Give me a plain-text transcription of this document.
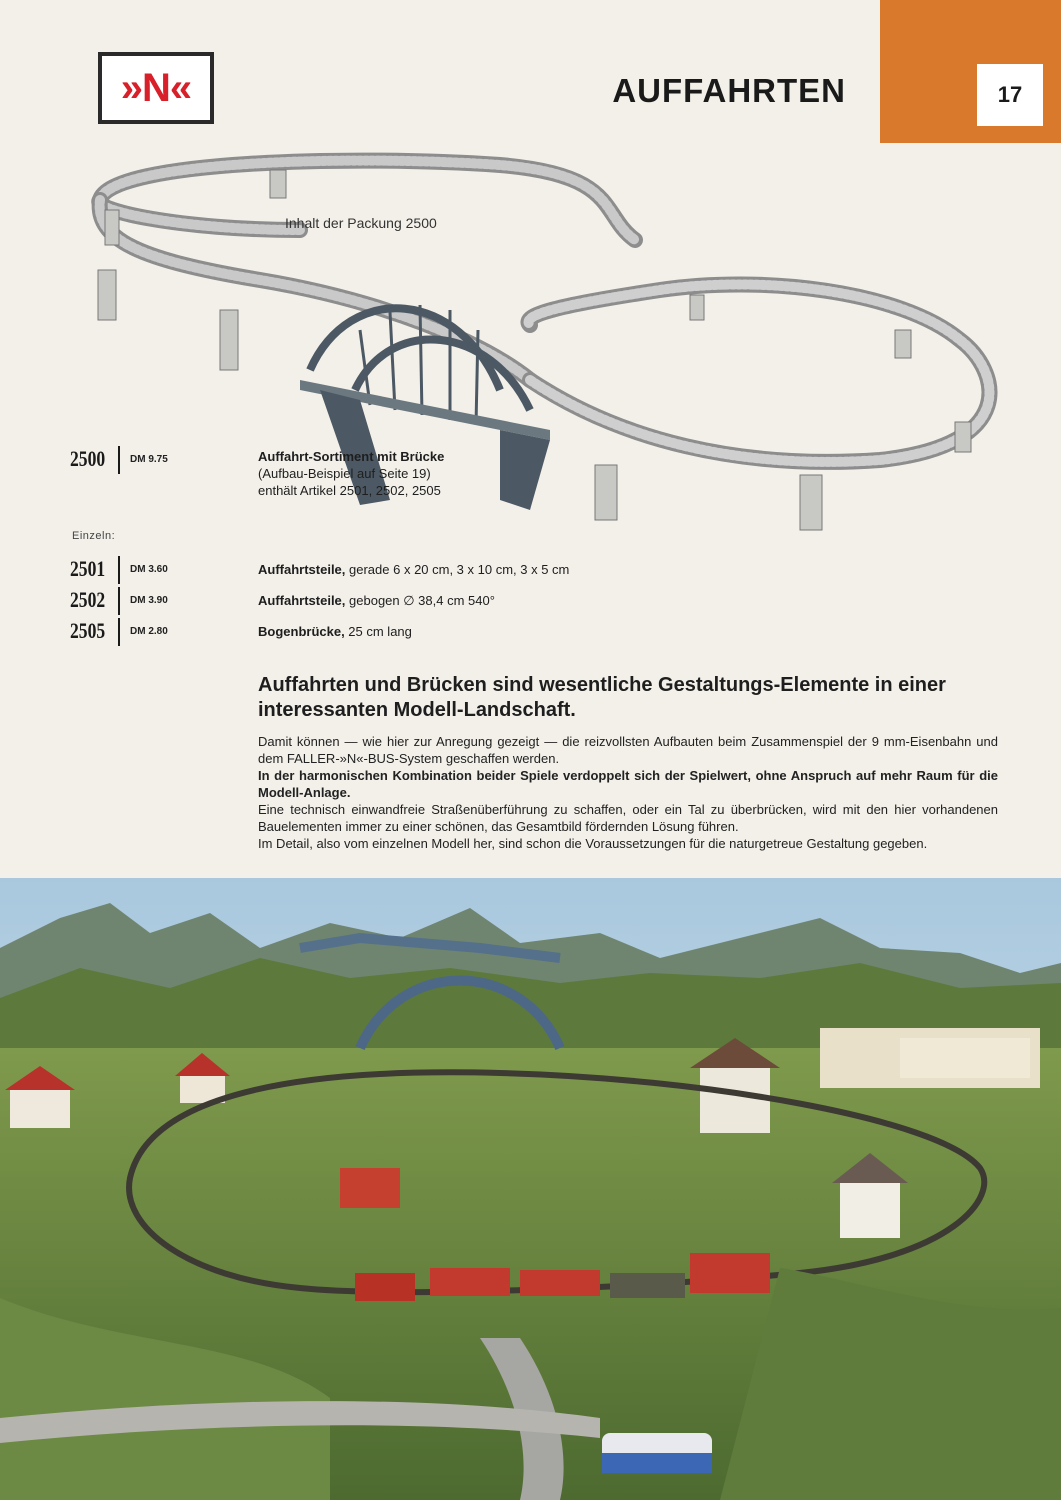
17
»N«	AUFFAHRTEN
Inhalt der Packung 2500
2500	DM 9.75	Auffahrt-Sortiment mit Brücke
(Aufbau-Beispiel auf Seite 19)
enthält Artikel 2501, 2502, 2505
Einzeln:
2501	DM 3.60	Auffahrtsteile, gerade 6 x 20 cm, 3 x 10 cm, 3 x 5 cm
2502	DM 3.90	Auffahrtsteile, gebogen ∅ 38,4 cm 540°
2505	DM 2.80	Bogenbrücke, 25 cm lang
Auffahrten und Brücken sind wesentliche Gestaltungs-Elemente in einer interessanten Modell-Landschaft.

Damit können — wie hier zur Anregung gezeigt — die reizvollsten Aufbauten beim Zusammenspiel der 9 mm-Eisenbahn und dem FALLER-»N«-BUS-System geschaffen werden.

In der harmonischen Kombination beider Spiele verdoppelt sich der Spielwert, ohne Anspruch auf mehr Raum für die Modell-Anlage.

Eine technisch einwandfreie Straßenüberführung zu schaffen, oder ein Tal zu überbrücken, wird mit den hier vorhandenen Bauelementen immer zu einer schönen, das Gesamtbild fördernden Lösung führen.

Im Detail, also vom einzelnen Modell her, sind schon die Voraussetzungen für die naturgetreue Gestaltung gegeben.
